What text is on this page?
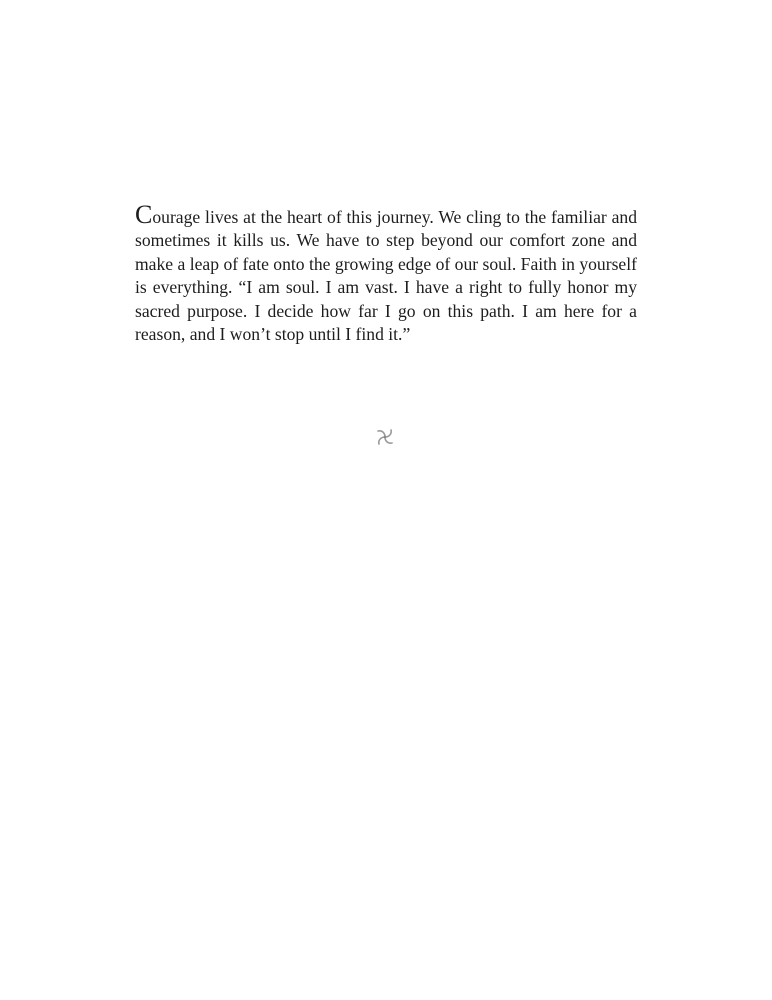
Courage lives at the heart of this journey. We cling to the familiar and sometimes it kills us. We have to step beyond our comfort zone and make a leap of fate onto the growing edge of our soul. Faith in yourself is everything. “I am soul. I am vast. I have a right to fully honor my sacred purpose. I decide how far I go on this path. I am here for a reason, and I won’t stop until I find it.”
